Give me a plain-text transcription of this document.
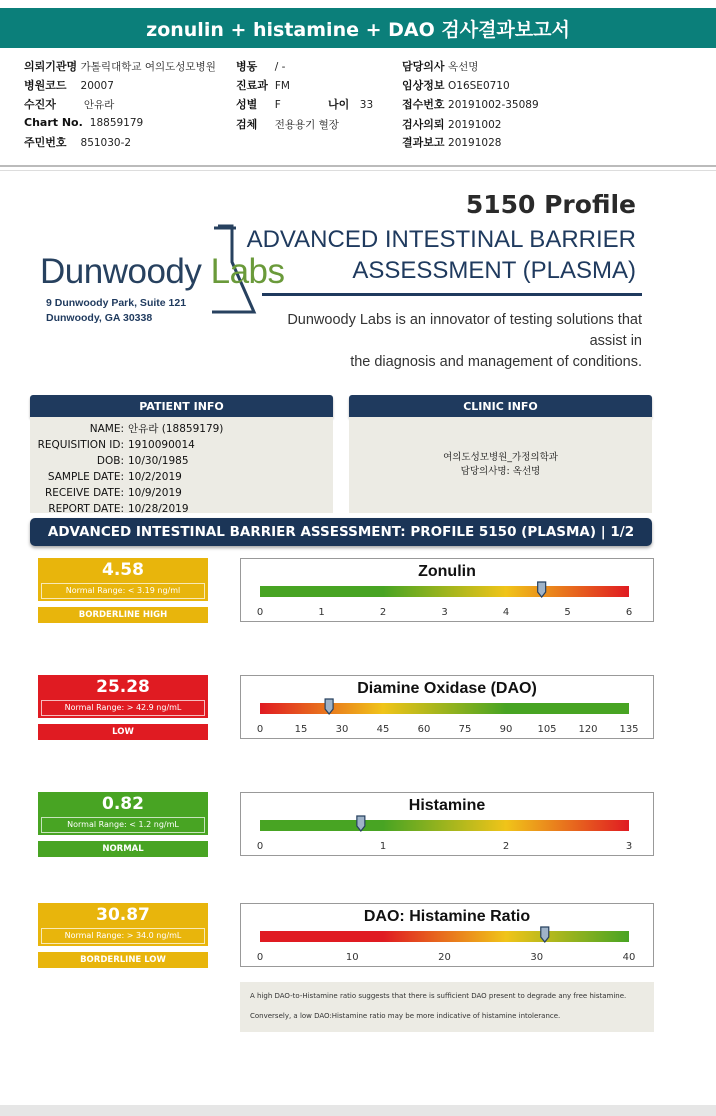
zonulin + histamine + DAO 검사결과보고서
의뢰기관명 가톨릭대학교 여의도성모병원 병동 / -	담당의사 옥선명
병원코드 20007	진료과 FM	임상정보 O16SE0710
수진자	안유라	성별 F	나이 33	접수번호 20191002-35089
Chart No. 18859179	검체 전용용기 혈장	검사의뢰 20191002
주민번호 851030-2	결과보고 20191028
5150 Profile
ADVANCED INTESTINAL BARRIER
ASSESSMENT (PLASMA)
Dunwoody Labs
9 Dunwoody Park, Suite 121
Dunwoody, GA 30338	Dunwoody Labs is an innovator of testing solutions that assist in
the diagnosis and management of conditions.
PATIENT INFO
NAME: 안유라 (18859179)
REQUISITION ID: 1910090014
DOB: 10/30/1985
SAMPLE DATE: 10/2/2019
RECEIVE DATE: 10/9/2019
REPORT DATE: 10/28/2019
CLINIC INFO
여의도성모병원_가정의학과
담당의사명: 옥선명
ADVANCED INTESTINAL BARRIER ASSESSMENT: PROFILE 5150 (PLASMA) | 1/2
4.58
Normal Range: < 3.19 ng/ml
BORDERLINE HIGH
Zonulin
0	1	2	3	4	5	6
25.28
Normal Range: > 42.9 ng/mL
LOW
Diamine Oxidase (DAO)
0	15	30	45	60	75	90	105 120 135
0.82
Normal Range: < 1.2 ng/mL
NORMAL
Histamine
0	1	2	3
30.87
Normal Range: > 34.0 ng/mL
BORDERLINE LOW
DAO: Histamine Ratio
0	10	20	30	40
A high DAO-to-Histamine ratio suggests that there is sufficient DAO present to degrade any free histamine.
Conversely, a low DAO:Histamine ratio may be more indicative of histamine intolerance.
